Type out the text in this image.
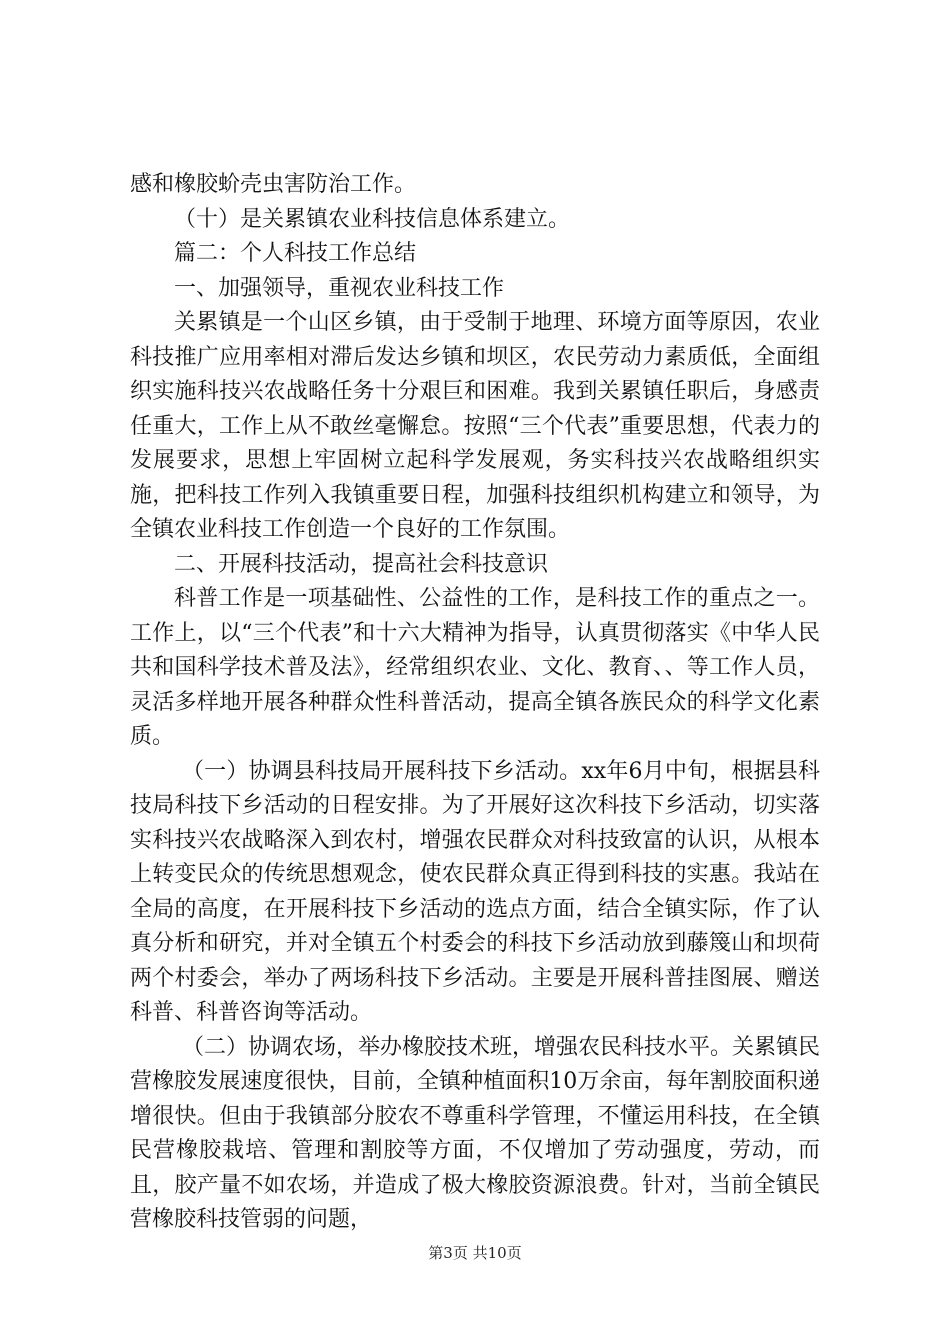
感和橡胶蚧壳虫害防治工作。

（十）是关累镇农业科技信息体系建立。

篇二：个人科技工作总结

一、加强领导，重视农业科技工作

关累镇是一个山区乡镇，由于受制于地理、环境方面等原因，农业科技推广应用率相对滞后发达乡镇和坝区，农民劳动力素质低，全面组织实施科技兴农战略任务十分艰巨和困难。我到关累镇任职后，身感责任重大，工作上从不敢丝毫懈怠。按照“三个代表”重要思想，代表力的发展要求，思想上牢固树立起科学发展观，务实科技兴农战略组织实施，把科技工作列入我镇重要日程，加强科技组织机构建立和领导，为全镇农业科技工作创造一个良好的工作氛围。

二、开展科技活动，提高社会科技意识

科普工作是一项基础性、公益性的工作，是科技工作的重点之一。工作上，以“三个代表”和十六大精神为指导，认真贯彻落实《中华人民共和国科学技术普及法》，经常组织农业、文化、教育、、等工作人员，灵活多样地开展各种群众性科普活动，提高全镇各族民众的科学文化素质。

（一）协调县科技局开展科技下乡活动。xx年6月中旬，根据县科技局科技下乡活动的日程安排。为了开展好这次科技下乡活动，切实落实科技兴农战略深入到农村，增强农民群众对科技致富的认识，从根本上转变民众的传统思想观念，使农民群众真正得到科技的实惠。我站在全局的高度，在开展科技下乡活动的选点方面，结合全镇实际，作了认真分析和研究，并对全镇五个村委会的科技下乡活动放到藤篾山和坝荷两个村委会，举办了两场科技下乡活动。主要是开展科普挂图展、赠送科普、科普咨询等活动。

（二）协调农场，举办橡胶技术班，增强农民科技水平。关累镇民营橡胶发展速度很快，目前，全镇种植面积10万余亩，每年割胶面积递增很快。但由于我镇部分胶农不尊重科学管理，不懂运用科技，在全镇民营橡胶栽培、管理和割胶等方面，不仅增加了劳动强度，劳动，而且，胶产量不如农场，并造成了极大橡胶资源浪费。针对，当前全镇民营橡胶科技管弱的问题，

第3页 共10页
